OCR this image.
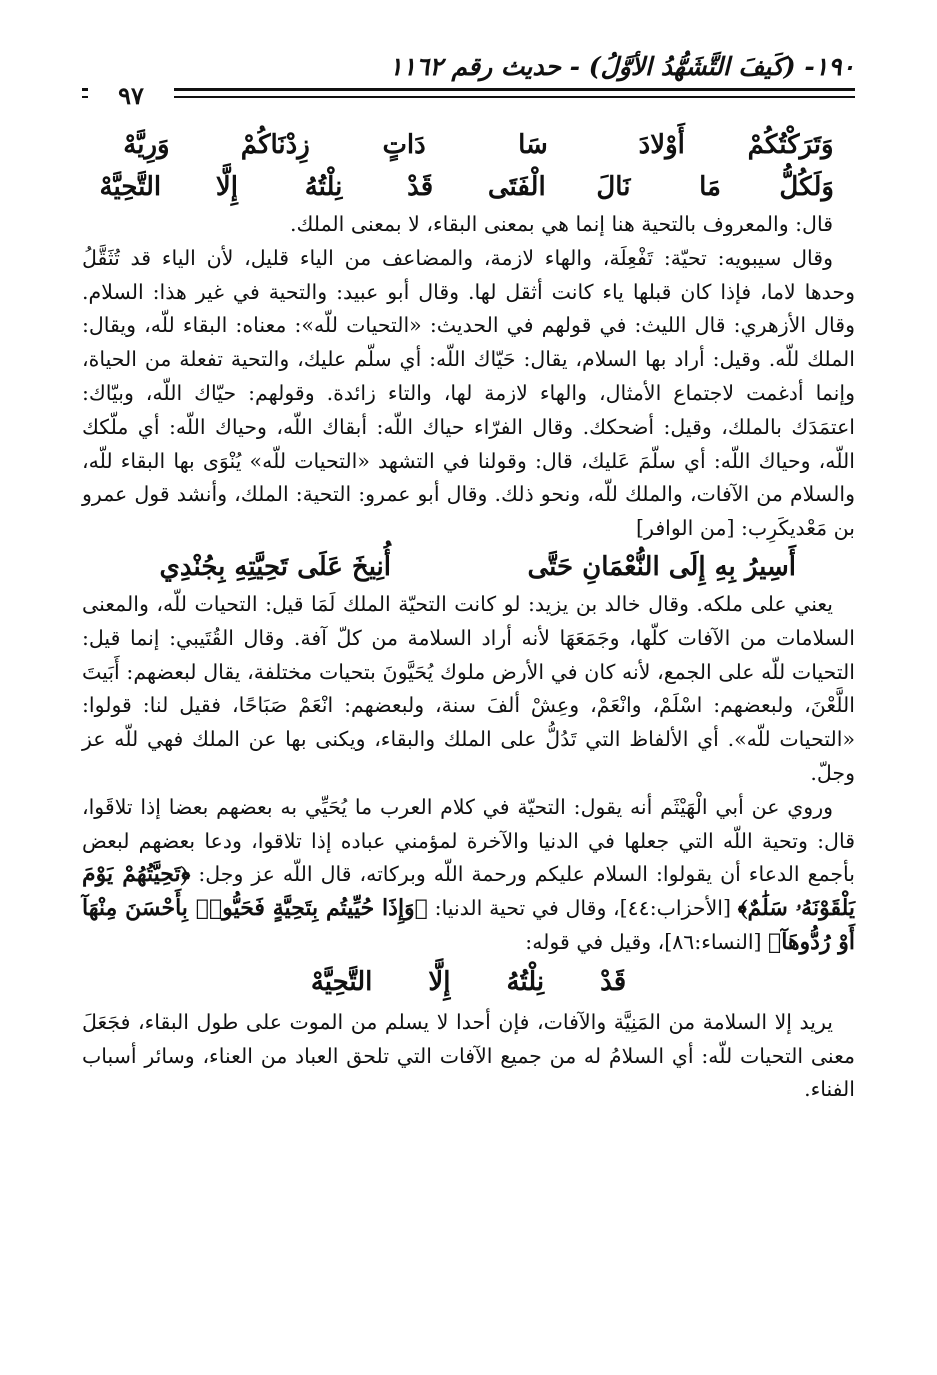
١٩٠- (كَيفَ التَّشَهُّدُ الأوَّلُ) - حديث رقم ١١٦٢
٩٧
وَتَرَكْتُكُمْ	أَوْلادَ	سَا	دَاتٍ	زِدْنَاكُمْ	وَرِيَّهْ
وَلَكُلُّ	مَا	نَالَ	الْفَتَى	قَدْ	نِلْتُهُ	إِلَّا	التَّحِيَّهْ

قال: والمعروف بالتحية هنا إنما هي بمعنى البقاء، لا بمعنى الملك.

وقال سيبويه: تحيّة: تَفْعِلَة، والهاء لازمة، والمضاعف من الياء قليل، لأن الياء قد تُثَقَّلُ وحدها لاما، فإذا كان قبلها ياء كانت أثقل لها. وقال أبو عبيد: والتحية في غير هذا: السلام. وقال الأزهري: قال الليث: في قولهم في الحديث: «التحيات للّه»: معناه: البقاء للّه، ويقال: الملك للّه. وقيل: أراد بها السلام، يقال: حَيّاك اللّه: أي سلّم عليك، والتحية تفعلة من الحياة، وإنما أدغمت لاجتماع الأمثال، والهاء لازمة لها، والتاء زائدة. وقولهم: حيّاك اللّه، وبيّاك: اعتمَدَك بالملك، وقيل: أضحكك. وقال الفرّاء حياك اللّه: أبقاك اللّه، وحياك اللّه: أي ملّكك اللّه، وحياك اللّه: أي سلّمَ عَليك، قال: وقولنا في التشهد «التحيات للّه» يُنْوَى بها البقاء للّه، والسلام من الآفات، والملك للّه، ونحو ذلك. وقال أبو عمرو: التحية: الملك، وأنشد قول عمرو بن مَعْديكَرِب: [من الوافر]

أَسِيرُ بِهِ إِلَى النُّعْمَانِ حَتَّى	أُنِيخَ عَلَى تَحِيَّتِهِ بِجُنْدِي

يعني على ملكه. وقال خالد بن يزيد: لو كانت التحيّة الملك لَمَا قيل: التحيات للّه، والمعنى السلامات من الآفات كلّها، وجَمَعَهَا لأنه أراد السلامة من كلّ آفة. وقال القُتَيبي: إنما قيل: التحيات للّه على الجمع، لأنه كان في الأرض ملوك يُحَيَّونَ بتحيات مختلفة، يقال لبعضهم: أَبَيتَ اللَّعْنَ، ولبعضهم: اسْلَمْ، وانْعَمْ، وعِشْ ألفَ سنة، ولبعضهم: انْعَمْ صَبَاحًا، فقيل لنا: قولوا: «التحيات للّه». أي الألفاظ التي تَدُلُّ على الملك والبقاء، ويكنى بها عن الملك فهي للّه عز وجلّ.

وروي عن أبي الْهَيْثَم أنه يقول: التحيّة في كلام العرب ما يُحَيِّي به بعضهم بعضا إذا تلاقَوا، قال: وتحية اللّه التي جعلها في الدنيا والآخرة لمؤمني عباده إذا تلاقوا، ودعا بعضهم لبعض بأجمع الدعاء أن يقولوا: السلام عليكم ورحمة اللّه وبركاته، قال اللّه عز وجل: ﴿تَحِيَّتُهُمْ يَوْمَ يَلْقَوْنَهُۥ سَلَٰمٌ﴾ [الأحزاب:٤٤]، وقال في تحية الدنيا: ﴿وَإِذَا حُيِّيتُم بِتَحِيَّةٍ فَحَيُّوا۟ بِأَحْسَنَ مِنْهَآ أَوْ رُدُّوهَآ﴾ [النساء:٨٦]، وقيل في قوله:

قَدْنِلْتُهُإِلَّاالتَّحِيَّهْ

يريد إلا السلامة من المَنِيَّة والآفات، فإن أحدا لا يسلم من الموت على طول البقاء، فجَعَلَ معنى التحيات للّه: أي السلامُ له من جميع الآفات التي تلحق العباد من العناء، وسائر أسباب الفناء.
